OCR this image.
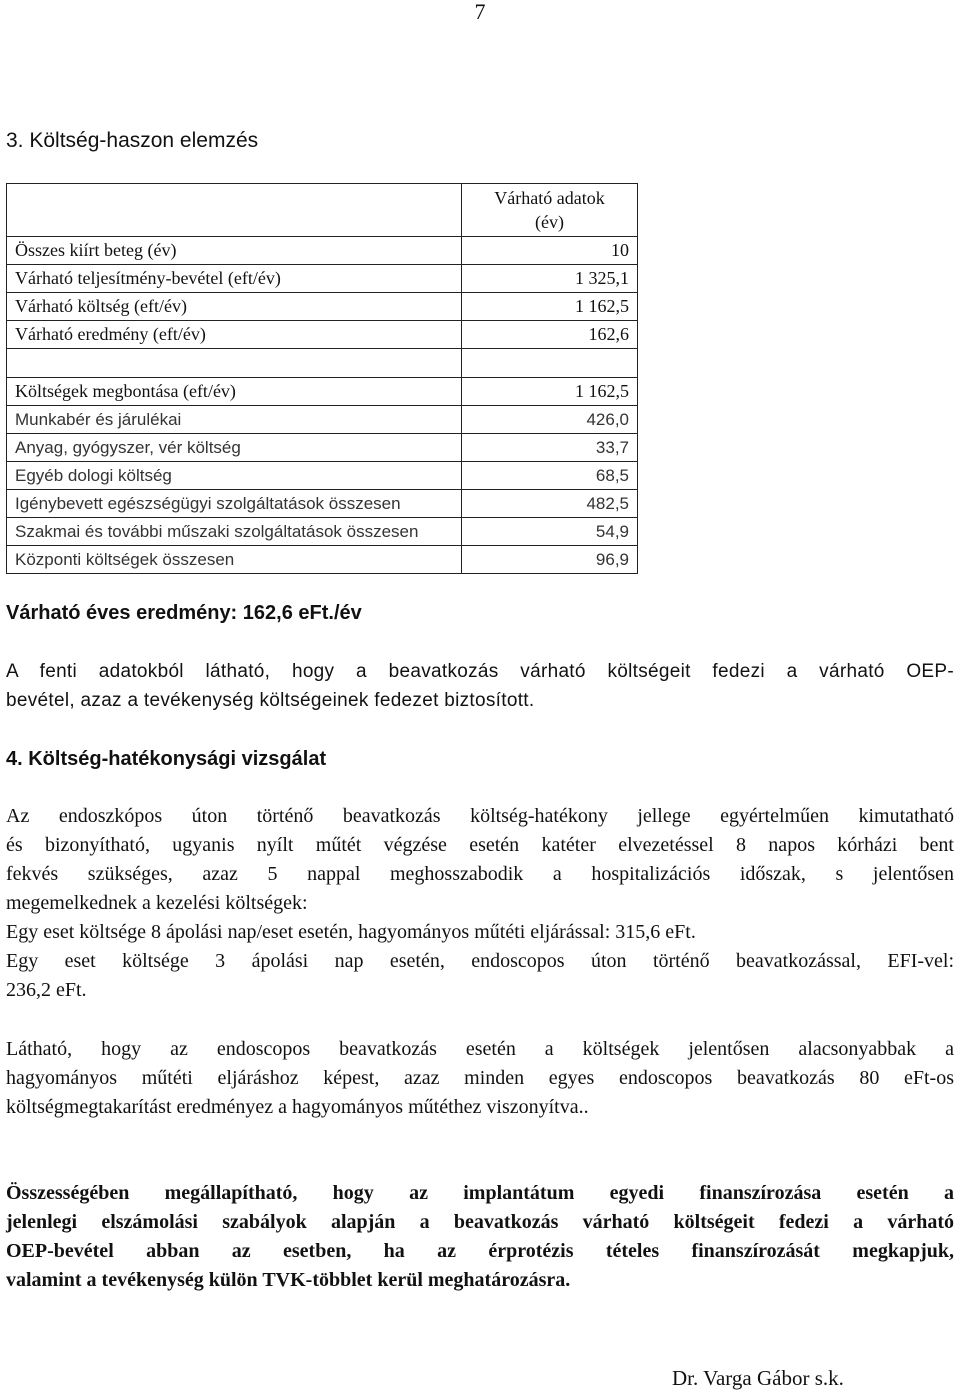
7
3. Költség-haszon elemzés

	Várható adatok
(év)

Összes kiírt beteg (év)	10
Várható teljesítmény-bevétel (eft/év)	1 325,1
Várható költség (eft/év)	1 162,5
Várható eredmény (eft/év)	162,6

Költségek megbontása (eft/év)	1 162,5
Munkabér és járulékai	426,0
Anyag, gyógyszer, vér költség	33,7
Egyéb dologi költség	68,5
Igénybevett egészségügyi szolgáltatások összesen	482,5
Szakmai és további műszaki szolgáltatások összesen	54,9
Központi költségek összesen	96,9
Várható éves eredmény: 162,6 eFt./év

A fenti adatokból látható, hogy a beavatkozás várható költségeit fedezi a várható OEP-
bevétel, azaz a tevékenység költségeinek fedezet biztosított.

4. Költség-hatékonysági vizsgálat

Az endoszkópos úton történő beavatkozás költség-hatékony jellege egyértelműen kimutatható
és bizonyítható, ugyanis nyílt műtét végzése esetén katéter elvezetéssel 8 napos kórházi bent
fekvés szükséges, azaz 5 nappal meghosszabodik a hospitalizációs időszak, s jelentősen
megemelkednek a kezelési költségek:
Egy eset költsége 8 ápolási nap/eset esetén, hagyományos műtéti eljárással: 315,6 eFt.
Egy eset költsége 3 ápolási nap esetén, endoscopos úton történő beavatkozással, EFI-vel:
236,2 eFt.

Látható, hogy az endoscopos beavatkozás esetén a költségek jelentősen alacsonyabbak a
hagyományos műtéti eljáráshoz képest, azaz minden egyes endoscopos beavatkozás 80 eFt-os
költségmegtakarítást eredményez a hagyományos műtéthez viszonyítva..

Összességében megállapítható, hogy az implantátum egyedi finanszírozása esetén a
jelenlegi elszámolási szabályok alapján a beavatkozás várható költségeit fedezi a várható
OEP-bevétel abban az esetben, ha az érprotézis tételes finanszírozását megkapjuk,
valamint a tevékenység külön TVK-többlet kerül meghatározásra.

Dr. Varga Gábor s.k.
